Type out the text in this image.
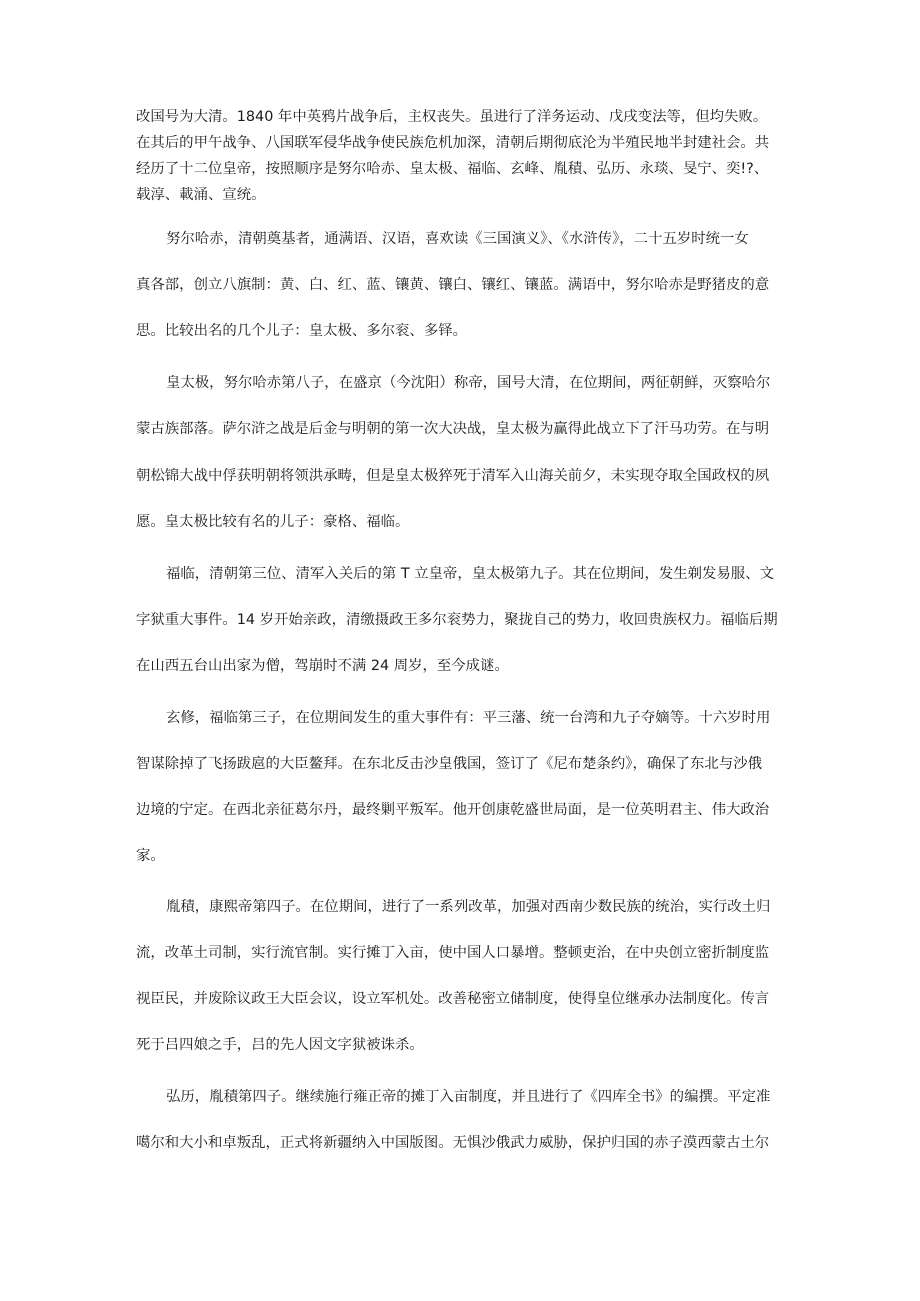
改国号为大清。1840 年中英鸦片战争后，主权丧失。虽进行了洋务运动、戊戌变法等，但均失败。
在其后的甲午战争、八国联军侵华战争使民族危机加深，清朝后期彻底沦为半殖民地半封建社会。共
经历了十二位皇帝，按照顺序是努尔哈赤、皇太极、福临、玄峰、胤積、弘历、永琰、旻宁、奕!?、
载淳、載涌、宣统。
努尔哈赤，清朝奠基者，通满语、汉语，喜欢读《三国演义》、《水浒传》，二十五岁时统一女
真各部，创立八旗制：黄、白、红、蓝、镶黄、镶白、镶红、镶蓝。满语中，努尔哈赤是野猪皮的意
思。比较出名的几个儿子：皇太极、多尔衮、多铎。
皇太极，努尔哈赤第八子，在盛京（今沈阳）称帝，国号大清，在位期间，两征朝鲜，灭察哈尔
蒙古族部落。萨尔浒之战是后金与明朝的第一次大决战，皇太极为赢得此战立下了汗马功劳。在与明
朝松锦大战中俘获明朝将领洪承畴，但是皇太极猝死于清军入山海关前夕，未实现夺取全国政权的夙
愿。皇太极比较有名的儿子：豪格、福临。
福临，清朝第三位、清军入关后的第 T 立皇帝，皇太极第九子。其在位期间，发生剃发易服、文
字狱重大事件。14 岁开始亲政，清缴摄政王多尔衮势力，聚拢自己的势力，收回贵族权力。福临后期
在山西五台山出家为僧，驾崩时不满 24 周岁，至今成谜。
玄修，福临第三子，在位期间发生的重大事件有：平三藩、统一台湾和九子夺嫡等。十六岁时用
智谋除掉了飞扬跋扈的大臣鳌拜。在东北反击沙皇俄国，签订了《尼布楚条约》，确保了东北与沙俄
边境的宁定。在西北亲征葛尔丹，最终剿平叛军。他开创康乾盛世局面，是一位英明君主、伟大政治
家。
胤積，康熙帝第四子。在位期间，进行了一系列改革，加强对西南少数民族的统治，实行改土归
流，改革土司制，实行流官制。实行摊丁入亩，使中国人口暴增。整顿吏治，在中央创立密折制度监
视臣民，并废除议政王大臣会议，设立军机处。改善秘密立储制度，使得皇位继承办法制度化。传言
死于吕四娘之手，吕的先人因文字狱被诛杀。
弘历，胤積第四子。继续施行雍正帝的摊丁入亩制度，并且进行了《四库全书》的编撰。平定准
噶尔和大小和卓叛乱，正式将新疆纳入中国版图。无惧沙俄武力威胁，保护归国的赤子漠西蒙古土尔
